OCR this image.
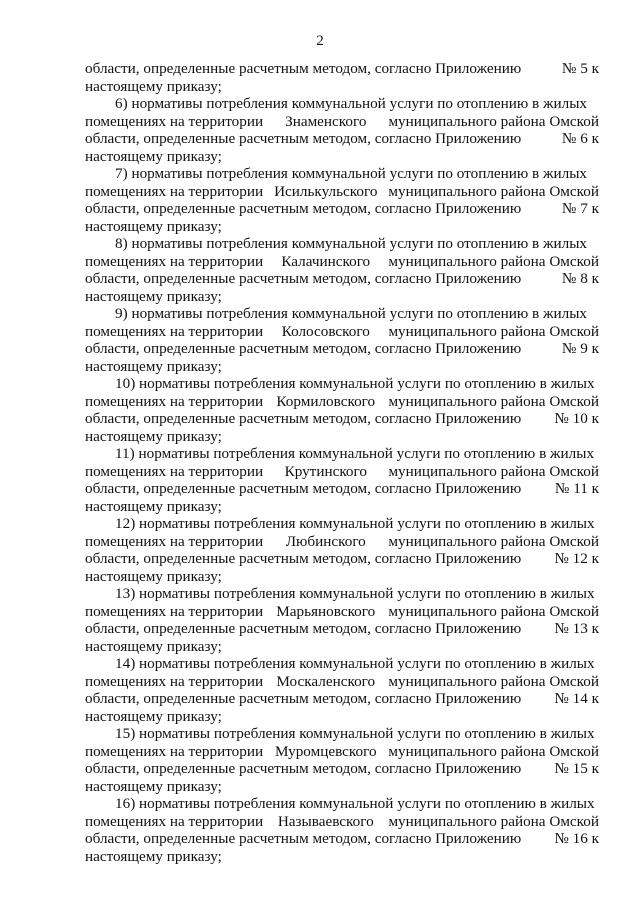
2
области, определенные расчетным методом, согласно Приложению	№ 5 к
настоящему приказу;
6) нормативы потребления коммунальной услуги по отоплению в жилых
помещениях на территории Знаменского муниципального района Омской
области, определенные расчетным методом, согласно Приложению	№ 6 к
настоящему приказу;
7) нормативы потребления коммунальной услуги по отоплению в жилых
помещениях на территории Исилькульского муниципального района Омской
области, определенные расчетным методом, согласно Приложению	№ 7 к
настоящему приказу;
8) нормативы потребления коммунальной услуги по отоплению в жилых
помещениях на территории Калачинского муниципального района Омской
области, определенные расчетным методом, согласно Приложению	№ 8 к
настоящему приказу;
9) нормативы потребления коммунальной услуги по отоплению в жилых
помещениях на территории Колосовского муниципального района Омской
области, определенные расчетным методом, согласно Приложению	№ 9 к
настоящему приказу;
10) нормативы потребления коммунальной услуги по отоплению в жилых
помещениях на территории Кормиловского муниципального района Омской
области, определенные расчетным методом, согласно Приложению № 10 к
настоящему приказу;
11) нормативы потребления коммунальной услуги по отоплению в жилых
помещениях на территории Крутинского муниципального района Омской
области, определенные расчетным методом, согласно Приложению № 11 к
настоящему приказу;
12) нормативы потребления коммунальной услуги по отоплению в жилых
помещениях на территории Любинского муниципального района Омской
области, определенные расчетным методом, согласно Приложению № 12 к
настоящему приказу;
13) нормативы потребления коммунальной услуги по отоплению в жилых
помещениях на территории Марьяновского муниципального района Омской
области, определенные расчетным методом, согласно Приложению № 13 к
настоящему приказу;
14) нормативы потребления коммунальной услуги по отоплению в жилых
помещениях на территории Москаленского муниципального района Омской
области, определенные расчетным методом, согласно Приложению № 14 к
настоящему приказу;
15) нормативы потребления коммунальной услуги по отоплению в жилых
помещениях на территории Муромцевского муниципального района Омской
области, определенные расчетным методом, согласно Приложению № 15 к
настоящему приказу;
16) нормативы потребления коммунальной услуги по отоплению в жилых
помещениях на территории Называевского муниципального района Омской
области, определенные расчетным методом, согласно Приложению № 16 к
настоящему приказу;
